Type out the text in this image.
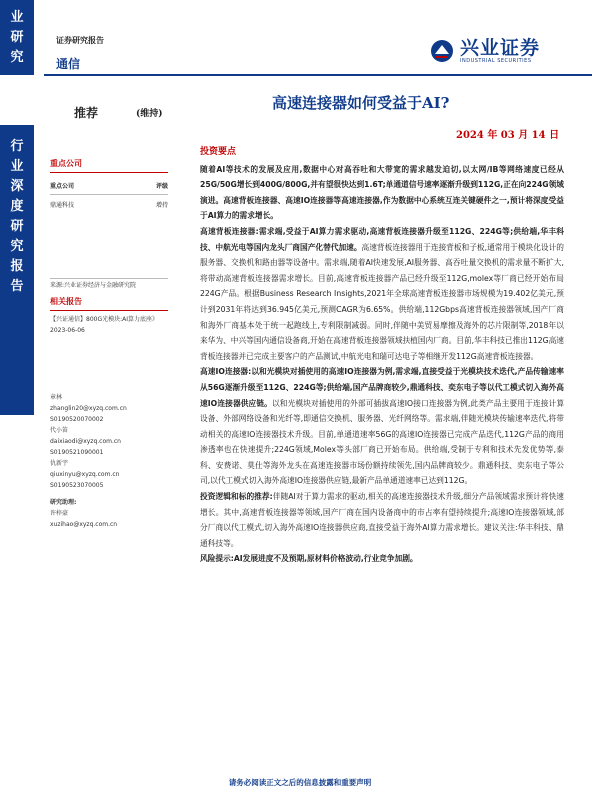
业
研
究
行
业
深
度
研
究
报
告
证券研究报告
通信
兴业证券
INDUSTRIAL SECURITIES
推荐	(维持)
高速连接器如何受益于AI?
2024 年 03 月 14 日
重点公司
重点公司	评级
鼎通科技	增持
来源:兴业证券经济与金融研究院
相关报告
【兴证通信】800G光模块:AI算力底座》2023-06-06
章林
zhanglin20@xyzq.com.cn
S0190520070002
代小笛
daixiaodi@xyzq.com.cn
S0190521090001
仇新宇
qiuxinyu@xyzq.com.cn
S0190523070005
研究助理:
许梓豪
xuzihao@xyzq.com.cn
投资要点

随着AI等技术的发展及应用,数据中心对高吞吐和大带宽的需求越发迫切,以太网/IB等网络速度已经从25G/50G增长到400G/800G,并有望很快达到1.6T;单通道信号速率逐渐升级到112G,正在向224G领域演进。高速背板连接器、高速IO连接器等高速连接器,作为数据中心系统互连关键硬件之一,预计将深度受益于AI算力的需求增长。

高速背板连接器:需求端,受益于AI算力需求驱动,高速背板连接器升级至112G、224G等;供给端,华丰科技、中航光电等国内龙头厂商国产化替代加速。高速背板连接器用于连接背板和子板,通常用于模块化设计的服务器、交换机和路由器等设备中。需求端,随着AI快速发展,AI服务器、高吞吐量交换机的需求量不断扩大,将带动高速背板连接器需求增长。目前,高速背板连接器产品已经升级至112G,molex等厂商已经开始布局224G产品。根据Business Research Insights,2021年全球高速背板连接器市场规模为19.402亿美元,预计到2031年将达到36.945亿美元,预测CAGR为6.65%。供给端,112Gbps高速背板连接器领域,国产厂商和海外厂商基本处于统一起跑线上,专利限制减弱。同时,伴随中美贸易摩擦及海外的芯片限制等,2018年以来华为、中兴等国内通信设备商,开始在高速背板连接器领域扶植国内厂商。目前,华丰科技已推出112G高速背板连接器并已完成主要客户的产品测试,中航光电和瑞可达电子等相继开发112G高速背板连接器。

高速IO连接器:以和光模块对插使用的高速IO连接器为例,需求端,直接受益于光模块技术迭代,产品传输速率从56G逐渐升级至112G、224G等;供给端,国产品牌商较少,鼎通科技、奕东电子等以代工模式切入海外高速IO连接器供应链。以和光模块对插使用的外部可插拔高速IO接口连接器为例,此类产品主要用于连接计算设备、外部网络设备和光纤等,即通信交换机、服务器、光纤网络等。需求端,伴随光模块传输速率迭代,将带动相关的高速IO连接器技术升级。目前,单通道速率56G的高速IO连接器已完成产品迭代,112G产品的商用渗透率也在快速提升;224G领域,Molex等头部厂商已开始布局。供给端,受制于专利和技术先发优势等,泰科、安费诺、莫仕等海外龙头在高速连接器市场份额持续领先,国内品牌商较少。鼎通科技、奕东电子等公司,以代工模式切入海外高速IO连接器供应链,最新产品单通道速率已达到112G。

投资逻辑和标的推荐:伴随AI对于算力需求的驱动,相关的高速连接器技术升级,细分产品领域需求预计将快速增长。其中,高速背板连接器等领域,国产厂商在国内设备商中的市占率有望持续提升;高速IO连接器领域,部分厂商以代工模式,切入海外高速IO连接器供应商,直接受益于海外AI算力需求增长。建议关注:华丰科技、鼎通科技等。

风险提示:AI发展进度不及预期,原材料价格波动,行业竞争加剧。

请务必阅读正文之后的信息披露和重要声明
